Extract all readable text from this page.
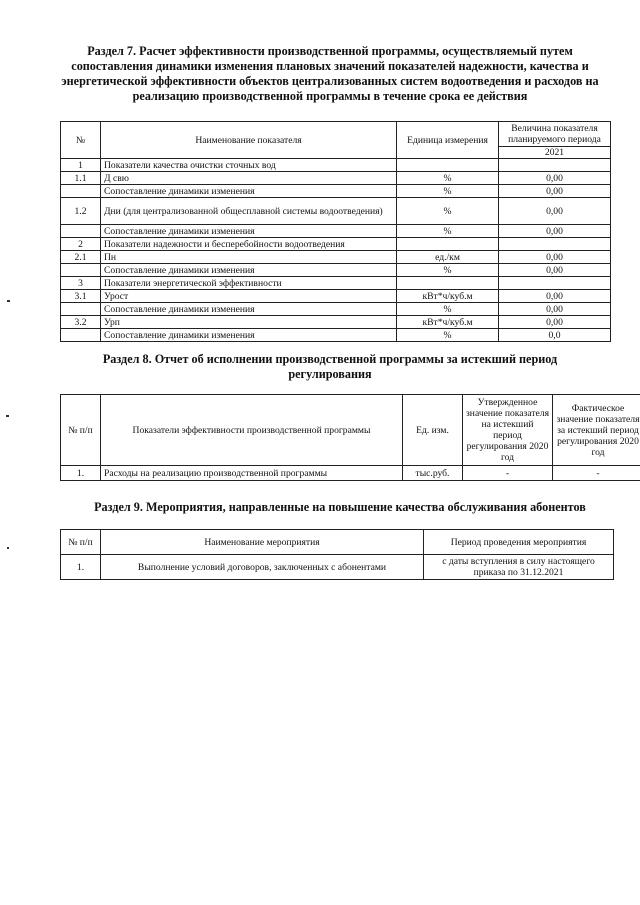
Раздел 7. Расчет эффективности производственной программы, осуществляемый путем сопоставления динамики изменения плановых значений показателей надежности, качества и энергетической эффективности объектов централизованных систем водоотведения и расходов на реализацию производственной программы в течение срока ее действия
№	Наименование показателя	Единица измерения	Величина показателя планируемого периода
			2021
1	Показатели качества очистки сточных вод		
1.1	Д свю	%	0,00
	Сопоставление динамики изменения	%	0,00
1.2	Дни (для централизованной общесплавной системы водоотведения)	%	0,00
	Сопоставление динамики изменения	%	0,00
2	Показатели надежности и бесперебойности водоотведения		
2.1	Пн	ед./км	0,00
	Сопоставление динамики изменения	%	0,00
3	Показатели энергетической эффективности		
3.1	Урост	кВт*ч/куб.м	0,00
	Сопоставление динамики изменения	%	0,00
3.2	Урп	кВт*ч/куб.м	0,00
	Сопоставление динамики изменения	%	0,0
Раздел 8. Отчет об исполнении производственной программы за истекший период регулирования
№ п/п	Показатели эффективности производственной программы	Ед. изм.	Утвержденное значение показателя на истекший период регулирования 2020 год	Фактическое значение показателя за истекший период регулирования 2020 год
1.	Расходы на реализацию производственной программы	тыс.руб.	-	-
Раздел 9. Мероприятия, направленные на повышение качества обслуживания абонентов
№ п/п	Наименование мероприятия	Период проведения мероприятия
1.	Выполнение условий договоров, заключенных с абонентами	с даты вступления в силу настоящего приказа по 31.12.2021
